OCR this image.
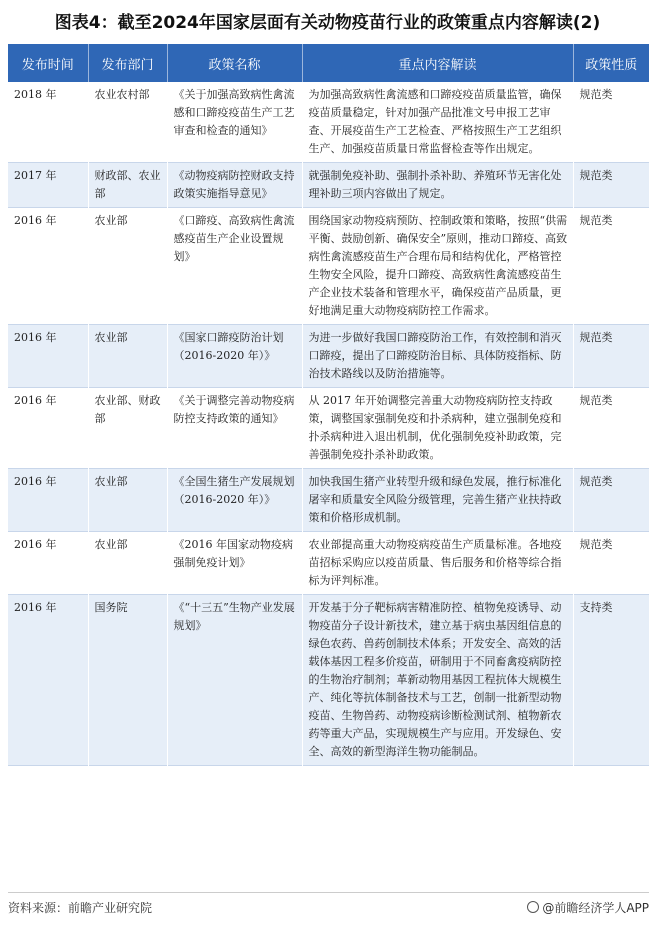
图表4：截至2024年国家层面有关动物疫苗行业的政策重点内容解读(2)
发布时间	发布部门	政策名称	重点内容解读	政策性质
2018 年	农业农村部	《关于加强高致病性禽流感和口蹄疫疫苗生产工艺审查和检查的通知》	为加强高致病性禽流感和口蹄疫疫苗质量监管，确保疫苗质量稳定，针对加强产品批准文号申报工艺审查、开展疫苗生产工艺检查、严格按照生产工艺组织生产、加强疫苗质量日常监督检查等作出规定。	规范类
2017 年	财政部、农业部	《动物疫病防控财政支持政策实施指导意见》	就强制免疫补助、强制扑杀补助、养殖环节无害化处理补助三项内容做出了规定。	规范类
2016 年	农业部	《口蹄疫、高致病性禽流感疫苗生产企业设置规划》	围绕国家动物疫病预防、控制政策和策略，按照“供需平衡、鼓励创新、确保安全”原则，推动口蹄疫、高致病性禽流感疫苗生产合理布局和结构优化，严格管控生物安全风险，提升口蹄疫、高致病性禽流感疫苗生产企业技术装备和管理水平，确保疫苗产品质量，更好地满足重大动物疫病防控工作需求。	规范类
2016 年	农业部	《国家口蹄疫防治计划（2016-2020 年）》	为进一步做好我国口蹄疫防治工作，有效控制和消灭口蹄疫，提出了口蹄疫防治目标、具体防疫指标、防治技术路线以及防治措施等。	规范类
2016 年	农业部、财政部	《关于调整完善动物疫病防控支持政策的通知》	从 2017 年开始调整完善重大动物疫病防控支持政策，调整国家强制免疫和扑杀病种，建立强制免疫和扑杀病种进入退出机制，优化强制免疫补助政策，完善强制免疫扑杀补助政策。	规范类
2016 年	农业部	《全国生猪生产发展规划（2016-2020 年）》	加快我国生猪产业转型升级和绿色发展，推行标准化屠宰和质量安全风险分级管理，完善生猪产业扶持政策和价格形成机制。	规范类
2016 年	农业部	《2016 年国家动物疫病强制免疫计划》	农业部提高重大动物疫病疫苗生产质量标准。各地疫苗招标采购应以疫苗质量、售后服务和价格等综合指标为评判标准。	规范类
2016 年	国务院	《“十三五”生物产业发展规划》	开发基于分子靶标病害精准防控、植物免疫诱导、动物疫苗分子设计新技术，建立基于病虫基因组信息的绿色农药、兽药创制技术体系；开发安全、高效的活载体基因工程多价疫苗，研制用于不同畜禽疫病防控的生物治疗制剂；革新动物用基因工程抗体大规模生产、纯化等抗体制备技术与工艺，创制一批新型动物疫苗、生物兽药、动物疫病诊断检测试剂、植物新农药等重大产品，实现规模生产与应用。开发绿色、安全、高效的新型海洋生物功能制品。	支持类
资料来源：前瞻产业研究院	@前瞻经济学人APP
